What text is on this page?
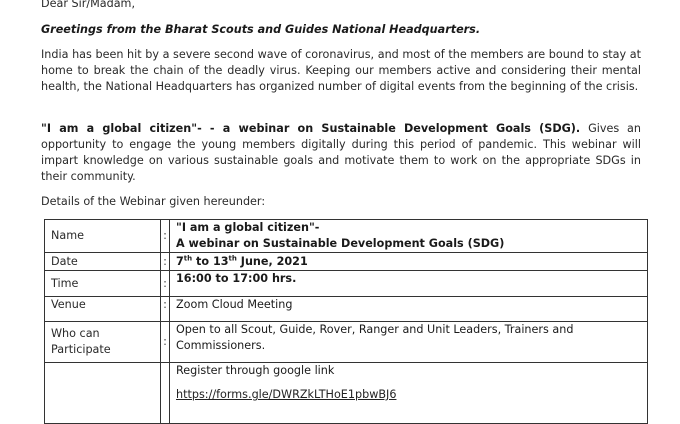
Dear Sir/Madam,

Greetings from the Bharat Scouts and Guides National Headquarters.

India has been hit by a severe second wave of coronavirus, and most of the members are bound to stay at home to break the chain of the deadly virus. Keeping our members active and considering their mental health, the National Headquarters has organized number of digital events from the beginning of the crisis.

"I am a global citizen"- - a webinar on Sustainable Development Goals (SDG). Gives an opportunity to engage the young members digitally during this period of pandemic. This webinar will impart knowledge on various sustainable goals and motivate them to work on the appropriate SDGs in their community.

Details of the Webinar given hereunder:

Name	:	"I am a global citizen"-
A webinar on Sustainable Development Goals (SDG)

Date	:	7th to 13th June, 2021
Time	:	16:00 to 17:00 hrs.
Venue	:	Zoom Cloud Meeting

Who can
Participate	:	Open to all Scout, Guide, Rover, Ranger and Unit Leaders, Trainers and Commissioners.

		Register through google link
https://forms.gle/DWRZkLTHoE1pbwBJ6
